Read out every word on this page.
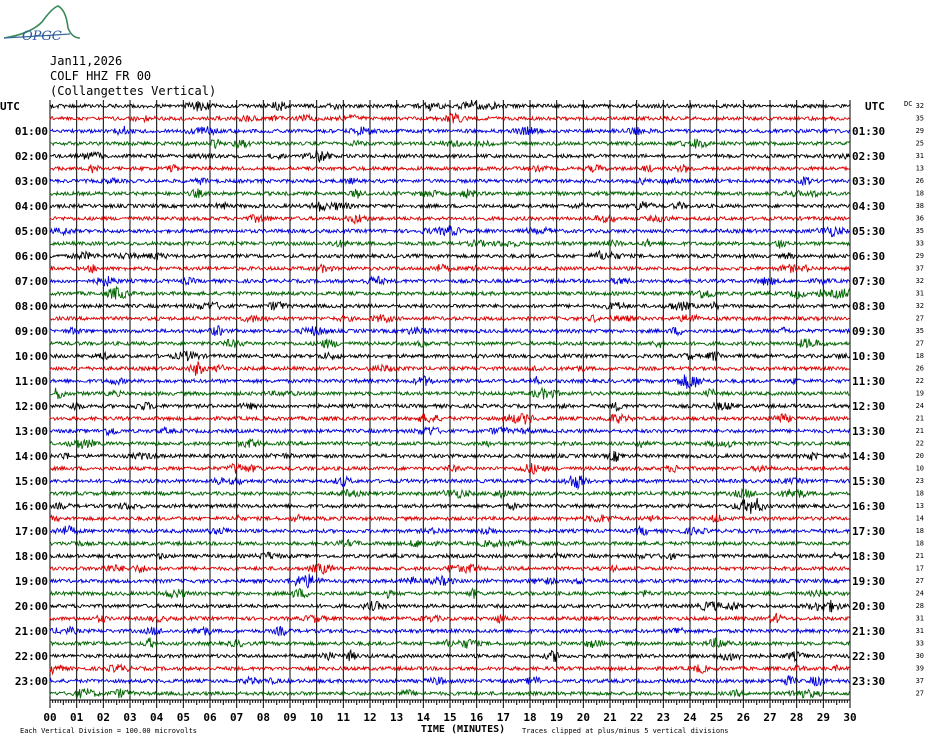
OPGC
Jan11,2026
COLF HHZ FR 00
(Collangettes Vertical)
UTC	UTC	DC
01:00
02:00
03:00
04:00
05:00
06:00
07:00
08:00
09:00
10:00
11:00
12:00
13:00
14:00
15:00
16:00
17:00
18:00
19:00
20:00
21:00
22:00
23:00
01:30
02:30
03:30
04:30
05:30
06:30
07:30
08:30
09:30
10:30
11:30
12:30
13:30
14:30
15:30
16:30
17:30
18:30
19:30
20:30
21:30
22:30
23:30
32
35
29
25
31
13
26
18
38
36
35
33
29
37
32
31
32
27
35
27
18
26
22
19
24
21
21
22
20
10
23
18
13
14
18
18
21
17
27
24
28
31
31
33
30
39
37
27
00 01 02 03 04 05 06 07 08 09 10 11 12 13 14 15 16 17 18 19 20 21 22 23 24 25 26 27 28 29 30
TIME (MINUTES)
Each Vertical Division = 100.00 microvolts	Traces clipped at plus/minus 5 vertical divisions
